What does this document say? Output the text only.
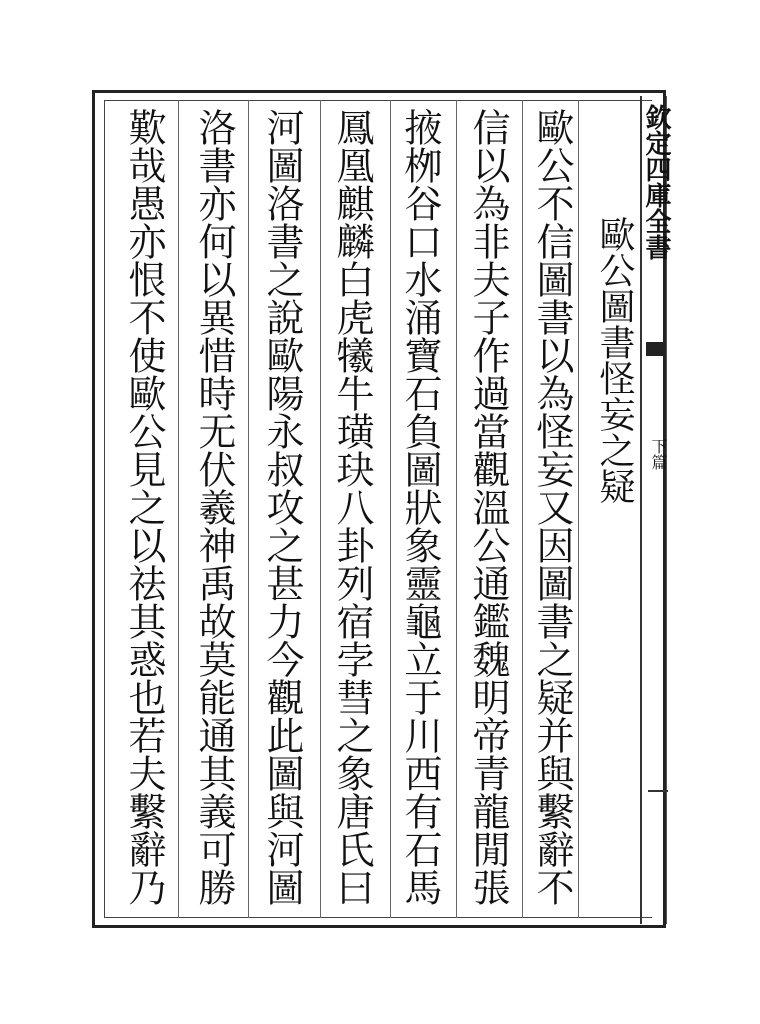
欽定四庫全書
下篇
歐公圖書怪妄之疑
歐公不信圖書以為怪妄又因圖書之疑并與繫辭不
信以為非夫子作過當觀溫公通鑑魏明帝青龍閒張
掖栁谷口水涌寶石負圖狀象靈龜立于川西有石馬
鳳凰麒麟白虎犧牛璜玦八卦列宿孛彗之象唐氏曰
河圖洛書之說歐陽永叔攻之甚力今觀此圖與河圖
洛書亦何以異惜時无伏羲神禹故莫能通其義可勝
歎哉愚亦恨不使歐公見之以祛其惑也若夫繫辭乃
